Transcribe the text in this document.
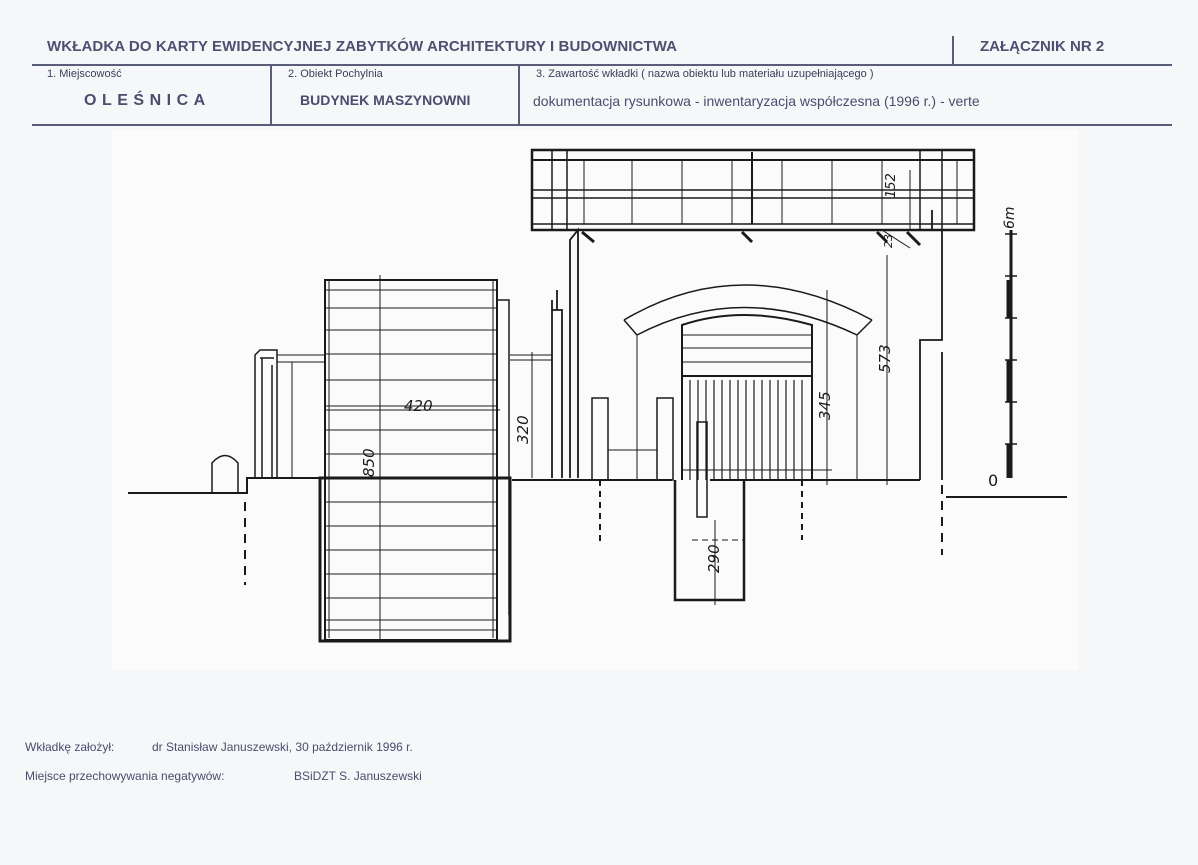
WKŁADKA DO KARTY EWIDENCYJNEJ ZABYTKÓW ARCHITEKTURY I BUDOWNICTWA	ZAŁĄCZNIK NR 2
1. Miejscowość
OLEŚNICA
2. Obiekt Pochylnia
BUDYNEK MASZYNOWNI
3. Zawartość wkładki ( nazwa obiektu lub materiału uzupełniającego )
dokumentacja rysunkowa - inwentaryzacja współczesna (1996 r.) - verte
420
850
320
345
573
152
23
290
6m
0
Wkładkę założył:	dr Stanisław Januszewski, 30 październik 1996 r.
Miejsce przechowywania negatywów:	BSiDZT S. Januszewski
